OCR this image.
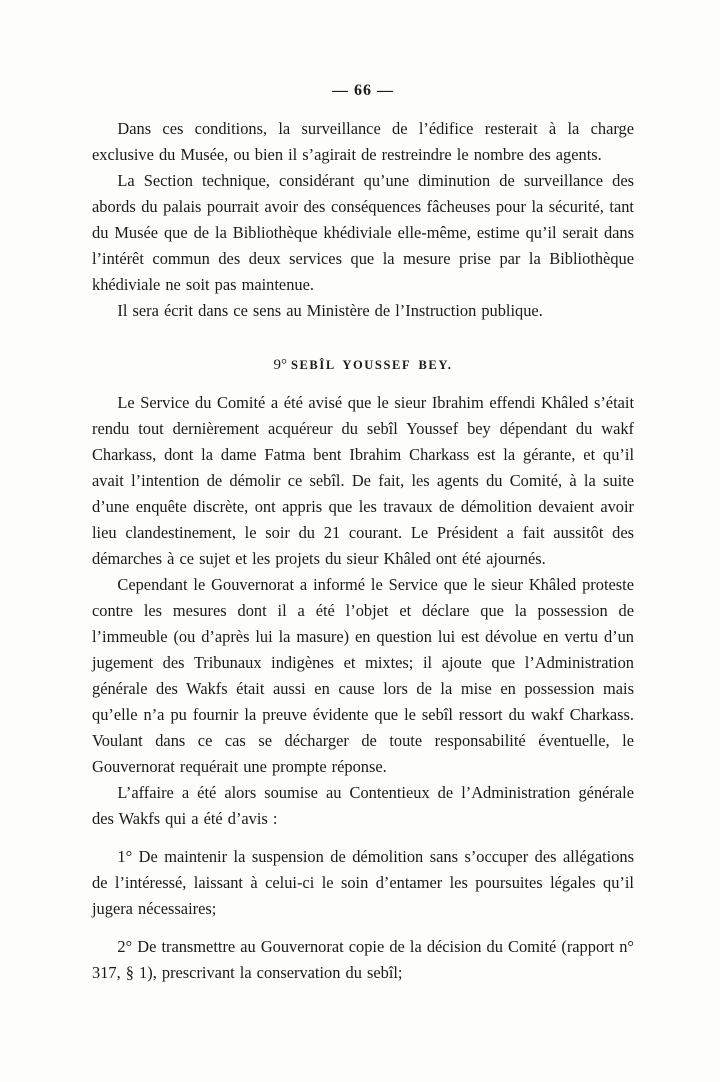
— 66 —

Dans ces conditions, la surveillance de l’édifice resterait à la charge exclusive du Musée, ou bien il s’agirait de restreindre le nombre des agents.

La Section technique, considérant qu’une diminution de surveillance des abords du palais pourrait avoir des conséquences fâcheuses pour la sécurité, tant du Musée que de la Bibliothèque khédiviale elle-même, estime qu’il serait dans l’intérêt commun des deux services que la mesure prise par la Bibliothèque khédiviale ne soit pas maintenue.

Il sera écrit dans ce sens au Ministère de l’Instruction publique.

9° SEBÎL YOUSSEF BEY.

Le Service du Comité a été avisé que le sieur Ibrahim effendi Khâled s’était rendu tout dernièrement acquéreur du sebîl Youssef bey dépendant du wakf Charkass, dont la dame Fatma bent Ibrahim Charkass est la gérante, et qu’il avait l’intention de démolir ce sebîl. De fait, les agents du Comité, à la suite d’une enquête discrète, ont appris que les travaux de démolition devaient avoir lieu clandestinement, le soir du 21 courant. Le Président a fait aussitôt des démarches à ce sujet et les projets du sieur Khâled ont été ajournés.

Cependant le Gouvernorat a informé le Service que le sieur Khâled proteste contre les mesures dont il a été l’objet et déclare que la possession de l’immeuble (ou d’après lui la masure) en question lui est dévolue en vertu d’un jugement des Tribunaux indigènes et mixtes; il ajoute que l’Administration générale des Wakfs était aussi en cause lors de la mise en possession mais qu’elle n’a pu fournir la preuve évidente que le sebîl ressort du wakf Charkass. Voulant dans ce cas se décharger de toute responsabilité éventuelle, le Gouvernorat requérait une prompte réponse.

L’affaire a été alors soumise au Contentieux de l’Administration générale des Wakfs qui a été d’avis :

1° De maintenir la suspension de démolition sans s’occuper des allégations de l’intéressé, laissant à celui-ci le soin d’entamer les poursuites légales qu’il jugera nécessaires;

2° De transmettre au Gouvernorat copie de la décision du Comité (rapport n° 317, § 1), prescrivant la conservation du sebîl;
